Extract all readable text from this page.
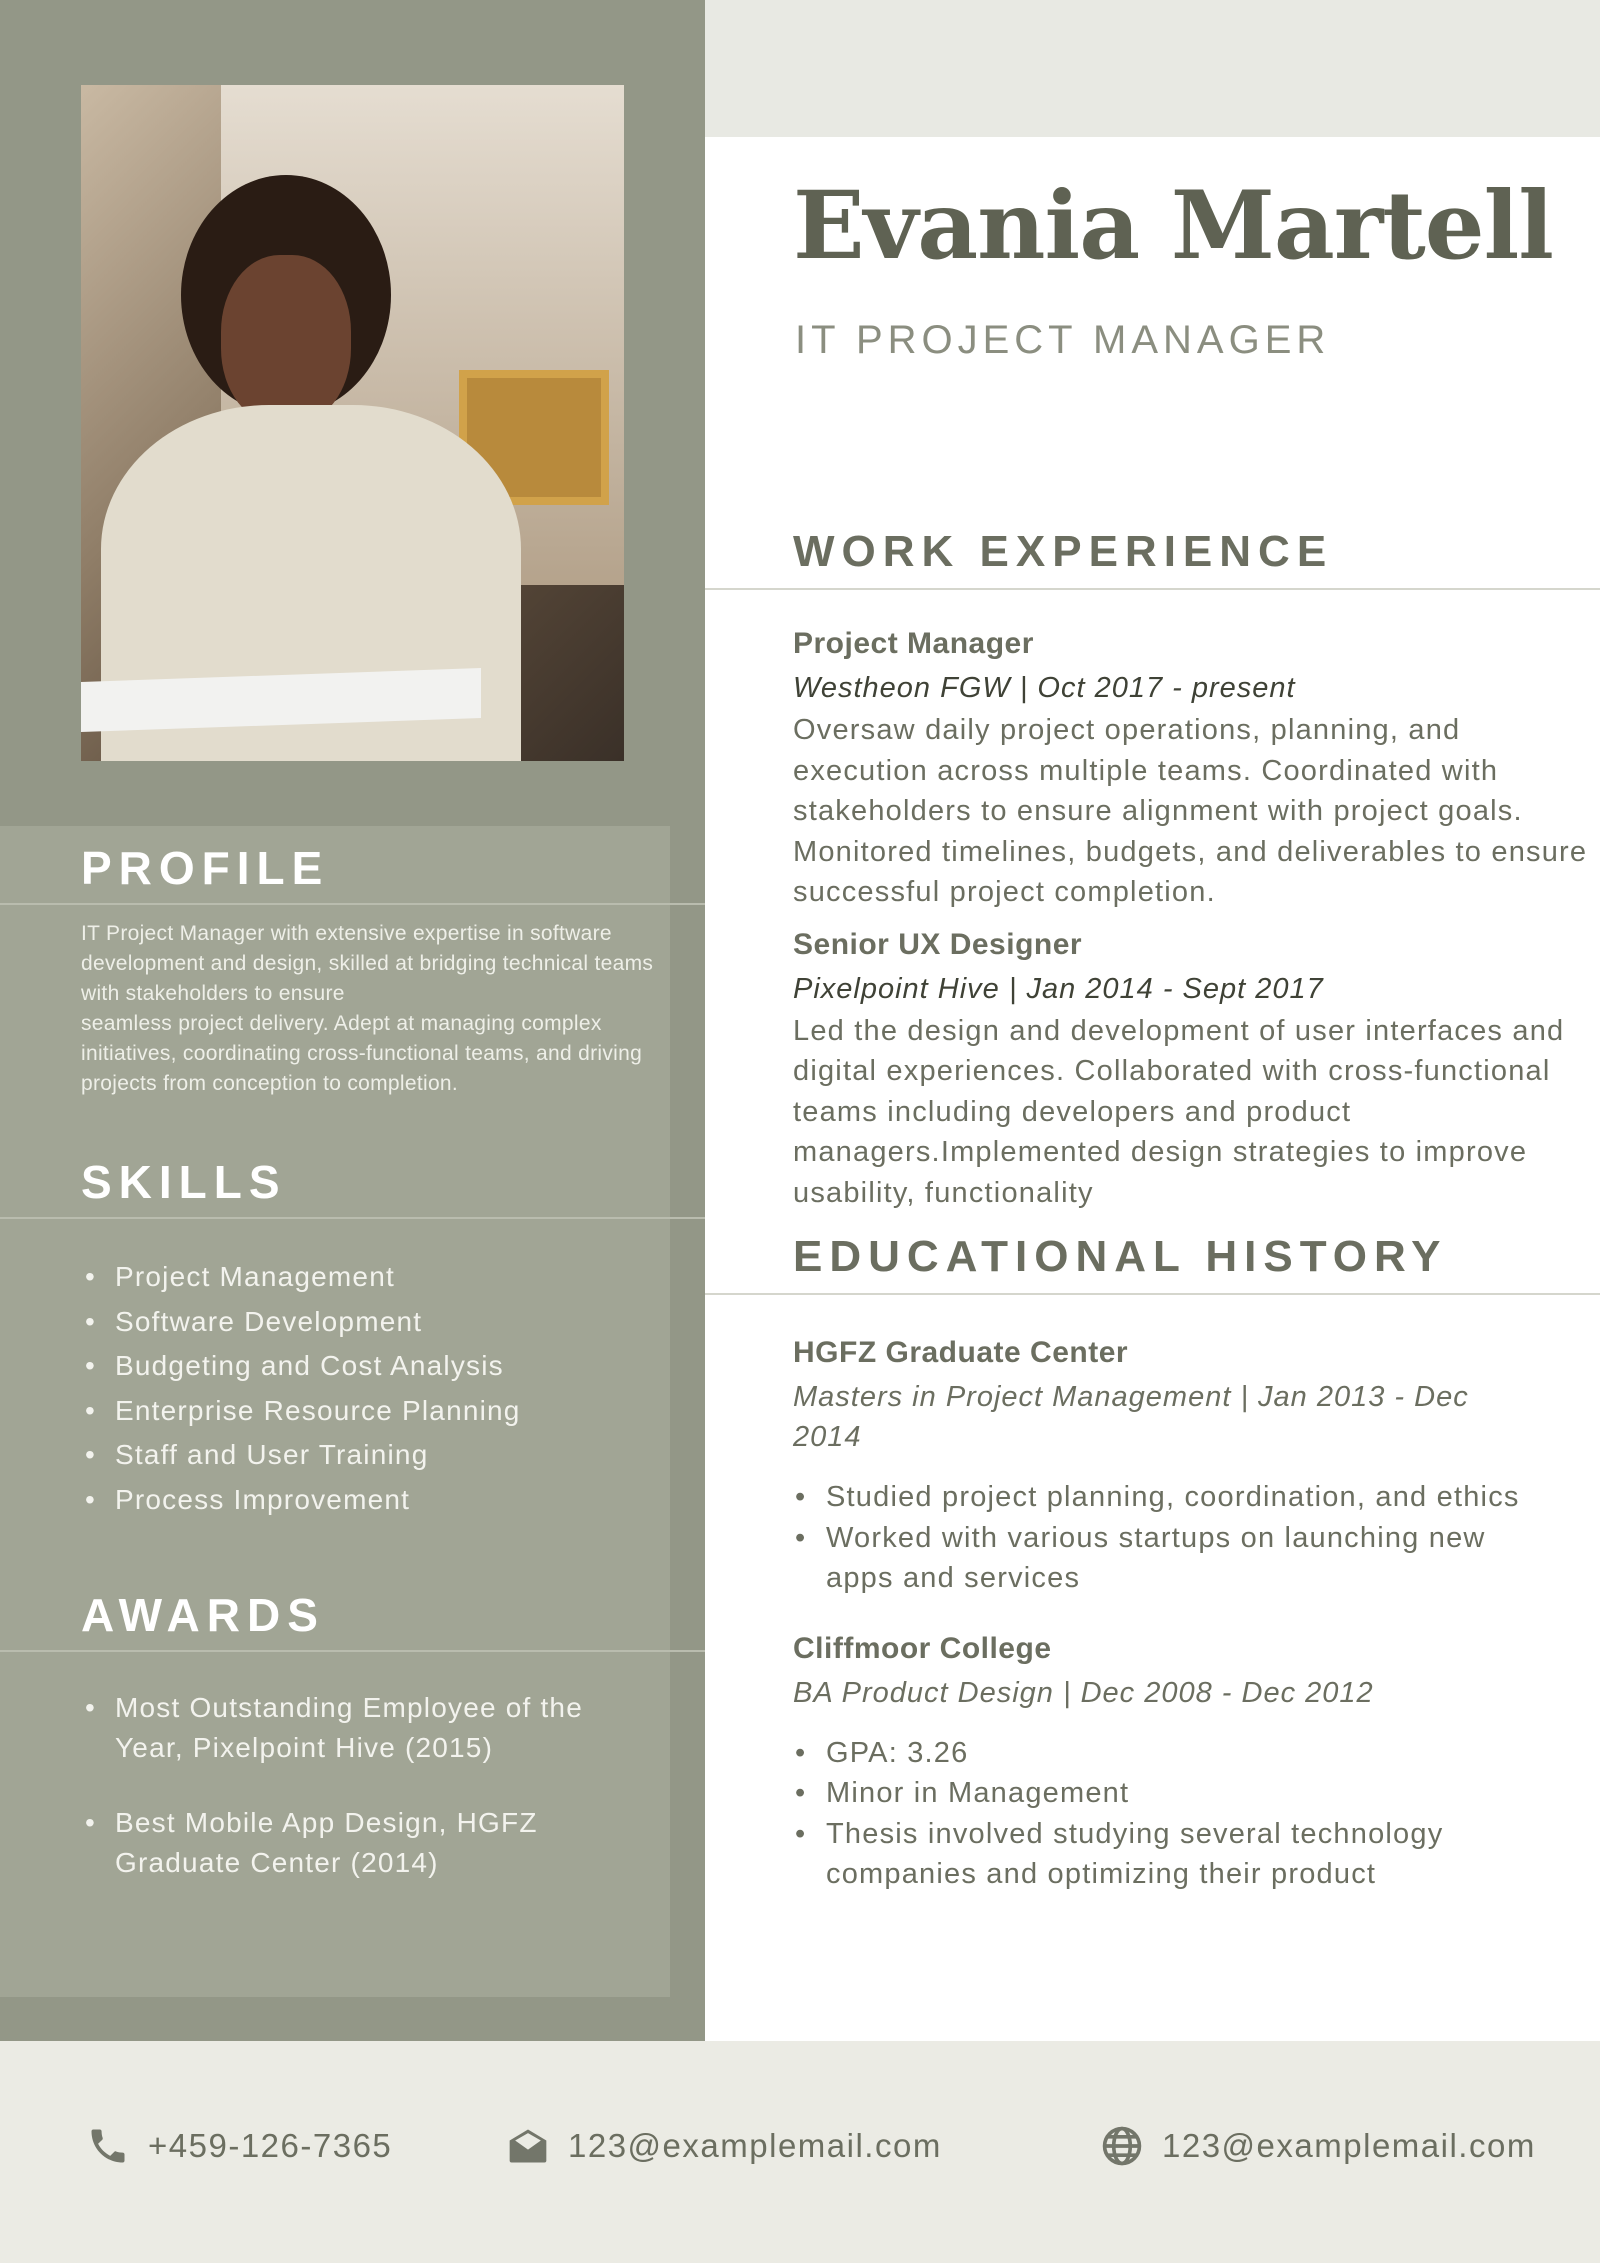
PROFILE
IT Project Manager with extensive expertise in software development and design, skilled at bridging technical teams with stakeholders to ensure
seamless project delivery. Adept at managing complex initiatives, coordinating cross-functional teams, and driving projects from conception to completion.
SKILLS
• Project Management
• Software Development
• Budgeting and Cost Analysis
• Enterprise Resource Planning
• Staff and User Training
• Process Improvement
AWARDS
• Most Outstanding Employee of the Year, Pixelpoint Hive (2015)
• Best Mobile App Design, HGFZ Graduate Center (2014)
Evania Martell
IT PROJECT MANAGER
WORK EXPERIENCE
Project Manager
Westheon FGW | Oct 2017 - present
Oversaw daily project operations, planning, and execution across multiple teams. Coordinated with stakeholders to ensure alignment with project goals. Monitored timelines, budgets, and deliverables to ensure successful project completion.
Senior UX Designer
Pixelpoint Hive | Jan 2014 - Sept 2017
Led the design and development of user interfaces and digital experiences. Collaborated with cross-functional teams including developers and product managers.Implemented design strategies to improve usability, functionality
EDUCATIONAL HISTORY
HGFZ Graduate Center
Masters in Project Management | Jan 2013 - Dec 2014
• Studied project planning, coordination, and ethics
• Worked with various startups on launching new apps and services
Cliffmoor College
BA Product Design | Dec 2008 - Dec 2012
• GPA: 3.26
• Minor in Management
• Thesis involved studying several technology companies and optimizing their product
+459-126-7365	123@examplemail.com	123@examplemail.com
